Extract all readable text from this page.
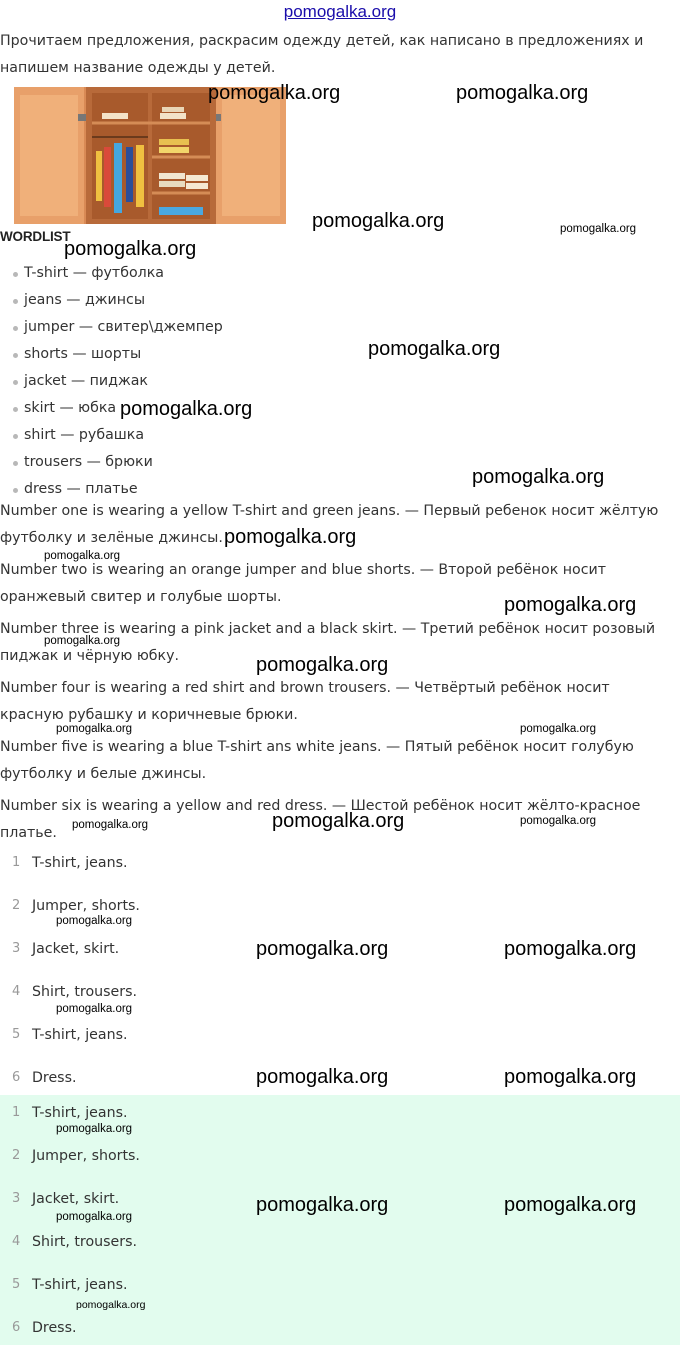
pomogalka.org
Прочитаем предложения, раскрасим одежду детей, как написано в предложениях и напишем название одежды у детей.
WORDLIST
T-shirt — футболка
jeans — джинсы
jumper — свитер\джемпер
shorts — шорты
jacket — пиджак
skirt — юбка
shirt — рубашка
trousers — брюки
dress — платье
Number one is wearing a yellow T-shirt and green jeans. — Первый ребенок носит жёлтую футболку и зелёные джинсы.
Number two is wearing an orange jumper and blue shorts. — Второй ребёнок носит оранжевый свитер и голубые шорты.
Number three is wearing a pink jacket and a black skirt. — Третий ребёнок носит розовый пиджак и чёрную юбку.
Number four is wearing a red shirt and brown trousers. — Четвёртый ребёнок носит красную рубашку и коричневые брюки.
Number five is wearing a blue T-shirt ans white jeans. — Пятый ребёнок носит голубую футболку и белые джинсы.
Number six is wearing a yellow and red dress. — Шестой ребёнок носит жёлто-красное платье.
1 T-shirt, jeans.
2 Jumper, shorts.
3 Jacket, skirt.
4 Shirt, trousers.
5 T-shirt, jeans.
6 Dress.
1 T-shirt, jeans.
2 Jumper, shorts.
3 Jacket, skirt.
4 Shirt, trousers.
5 T-shirt, jeans.
6 Dress.
pomogalka.org	pomogalka.org
pomogalka.org	pomogalka.org
pomogalka.org
pomogalka.org
pomogalka.org
pomogalka.org
pomogalka.org
pomogalka.org
pomogalka.org
pomogalka.org
pomogalka.org
pomogalka.org	pomogalka.org
pomogalka.org	pomogalka.org	pomogalka.org
pomogalka.org
pomogalka.org	pomogalka.org
pomogalka.org
pomogalka.org	pomogalka.org
pomogalka.org
pomogalka.org	pomogalka.org
pomogalka.org
pomogalka.org
